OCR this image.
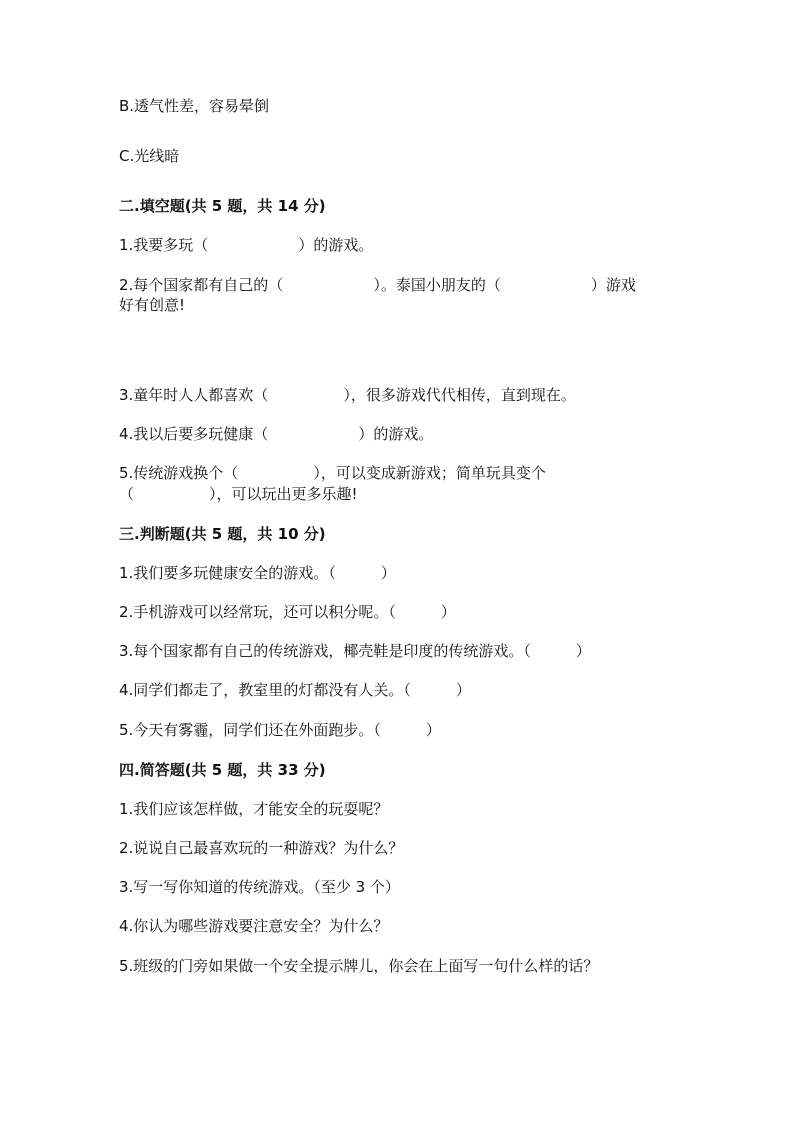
B.透气性差，容易晕倒
C.光线暗
二.填空题(共 5 题，共 14 分)
1.我要多玩（　　　　　　）的游戏。
2.每个国家都有自己的（　　　　　　）。泰国小朋友的（　　　　　　）游戏
好有创意!
3.童年时人人都喜欢（　　　　　），很多游戏代代相传，直到现在。
4.我以后要多玩健康（　　　　　　）的游戏。
5.传统游戏换个（　　　　　），可以变成新游戏；简单玩具变个
（　　　　　），可以玩出更多乐趣!
三.判断题(共 5 题，共 10 分)
1.我们要多玩健康安全的游戏。（　　　）
2.手机游戏可以经常玩，还可以积分呢。（　　　）
3.每个国家都有自己的传统游戏，椰壳鞋是印度的传统游戏。（　　　）
4.同学们都走了，教室里的灯都没有人关。（　　　）
5.今天有雾霾，同学们还在外面跑步。（　　　）
四.简答题(共 5 题，共 33 分)
1.我们应该怎样做，才能安全的玩耍呢？
2.说说自己最喜欢玩的一种游戏？为什么？
3.写一写你知道的传统游戏。（至少 3 个）
4.你认为哪些游戏要注意安全？为什么？
5.班级的门旁如果做一个安全提示牌儿，你会在上面写一句什么样的话？
